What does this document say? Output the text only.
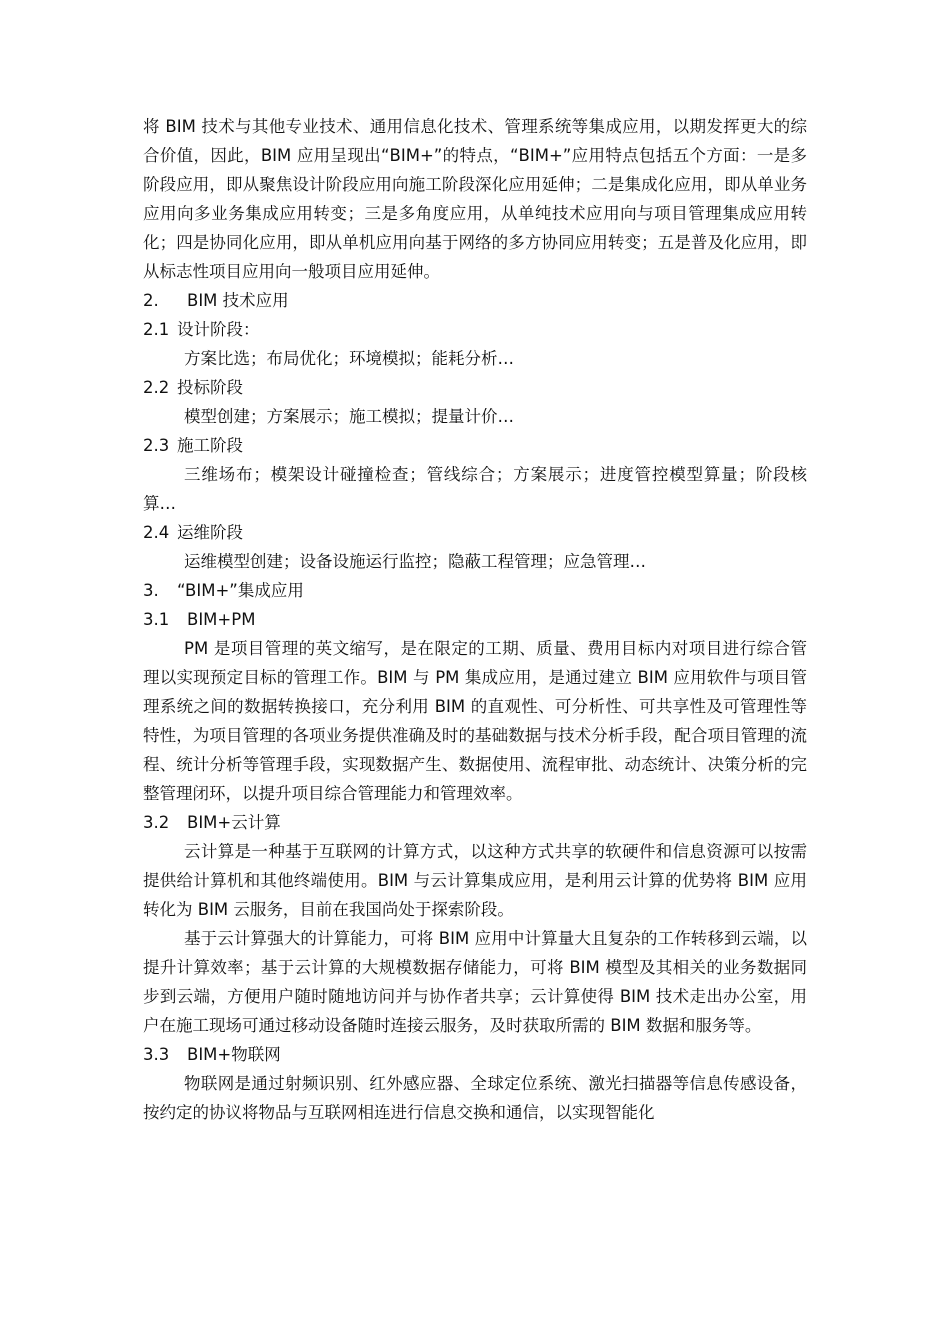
将 BIM 技术与其他专业技术、通用信息化技术、管理系统等集成应用，以期发挥更大的综合价值，因此，BIM 应用呈现出“BIM+”的特点，“BIM+”应用特点包括五个方面：一是多阶段应用，即从聚焦设计阶段应用向施工阶段深化应用延伸；二是集成化应用，即从单业务应用向多业务集成应用转变；三是多角度应用，从单纯技术应用向与项目管理集成应用转化；四是协同化应用，即从单机应用向基于网络的多方协同应用转变；五是普及化应用，即从标志性项目应用向一般项目应用延伸。

2. BIM 技术应用

2.1 设计阶段：

方案比选；布局优化；环境模拟；能耗分析…

2.2 投标阶段

模型创建；方案展示；施工模拟；提量计价…

2.3 施工阶段

三维场布；模架设计碰撞检查；管线综合；方案展示；进度管控模型算量；阶段核算…

2.4 运维阶段

运维模型创建；设备设施运行监控；隐蔽工程管理；应急管理…

3. “BIM+”集成应用

3.1 BIM+PM

PM 是项目管理的英文缩写，是在限定的工期、质量、费用目标内对项目进行综合管理以实现预定目标的管理工作。BIM 与 PM 集成应用，是通过建立 BIM 应用软件与项目管理系统之间的数据转换接口，充分利用 BIM 的直观性、可分析性、可共享性及可管理性等特性，为项目管理的各项业务提供准确及时的基础数据与技术分析手段，配合项目管理的流程、统计分析等管理手段，实现数据产生、数据使用、流程审批、动态统计、决策分析的完整管理闭环，以提升项目综合管理能力和管理效率。

3.2 BIM+云计算

云计算是一种基于互联网的计算方式，以这种方式共享的软硬件和信息资源可以按需提供给计算机和其他终端使用。BIM 与云计算集成应用，是利用云计算的优势将 BIM 应用转化为 BIM 云服务，目前在我国尚处于探索阶段。

基于云计算强大的计算能力，可将 BIM 应用中计算量大且复杂的工作转移到云端，以提升计算效率；基于云计算的大规模数据存储能力，可将 BIM 模型及其相关的业务数据同步到云端，方便用户随时随地访问并与协作者共享；云计算使得 BIM 技术走出办公室，用户在施工现场可通过移动设备随时连接云服务，及时获取所需的 BIM 数据和服务等。

3.3 BIM+物联网

物联网是通过射频识别、红外感应器、全球定位系统、激光扫描器等信息传感设备，按约定的协议将物品与互联网相连进行信息交换和通信，以实现智能化
